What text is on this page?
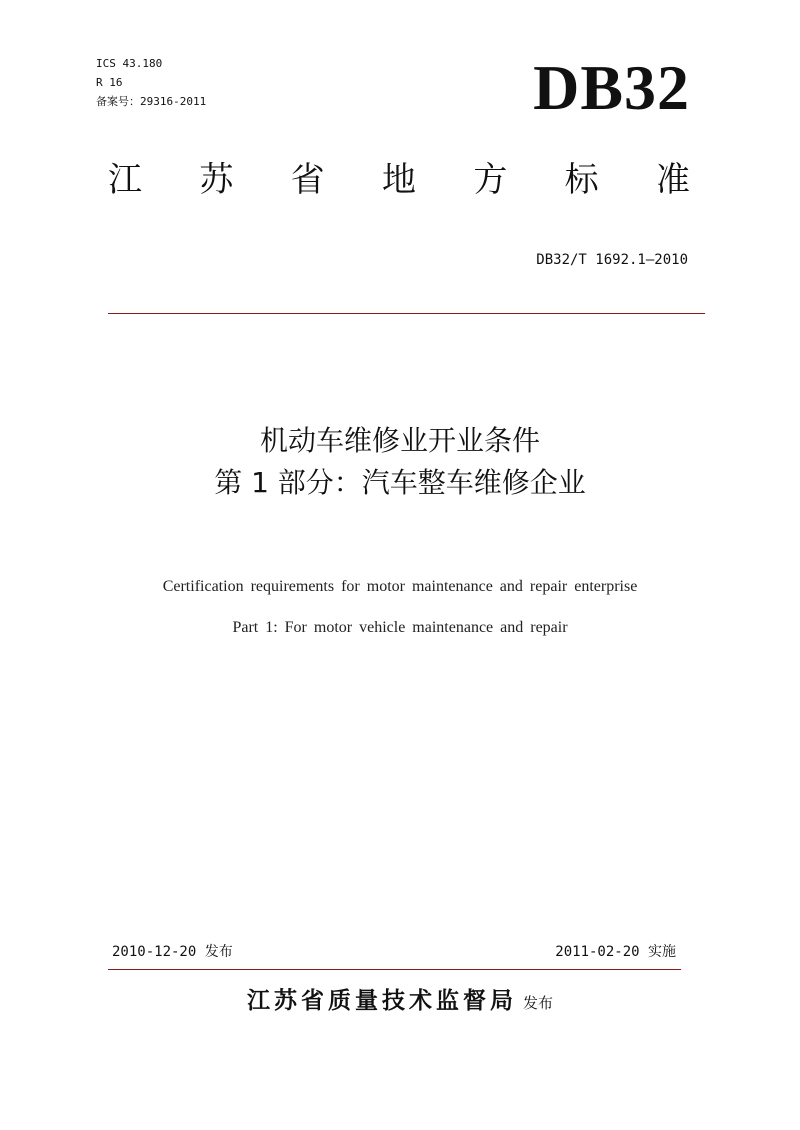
ICS 43.180
R 16
备案号：29316-2011	DB32
江 苏 省 地 方 标 准
DB32/T 1692.1—2010
机动车维修业开业条件
第 1 部分：汽车整车维修企业
Certification requirements for motor maintenance and repair enterprise
Part 1: For motor vehicle maintenance and repair
2010-12-20 发布	2011-02-20 实施
江苏省质量技术监督局 发布
